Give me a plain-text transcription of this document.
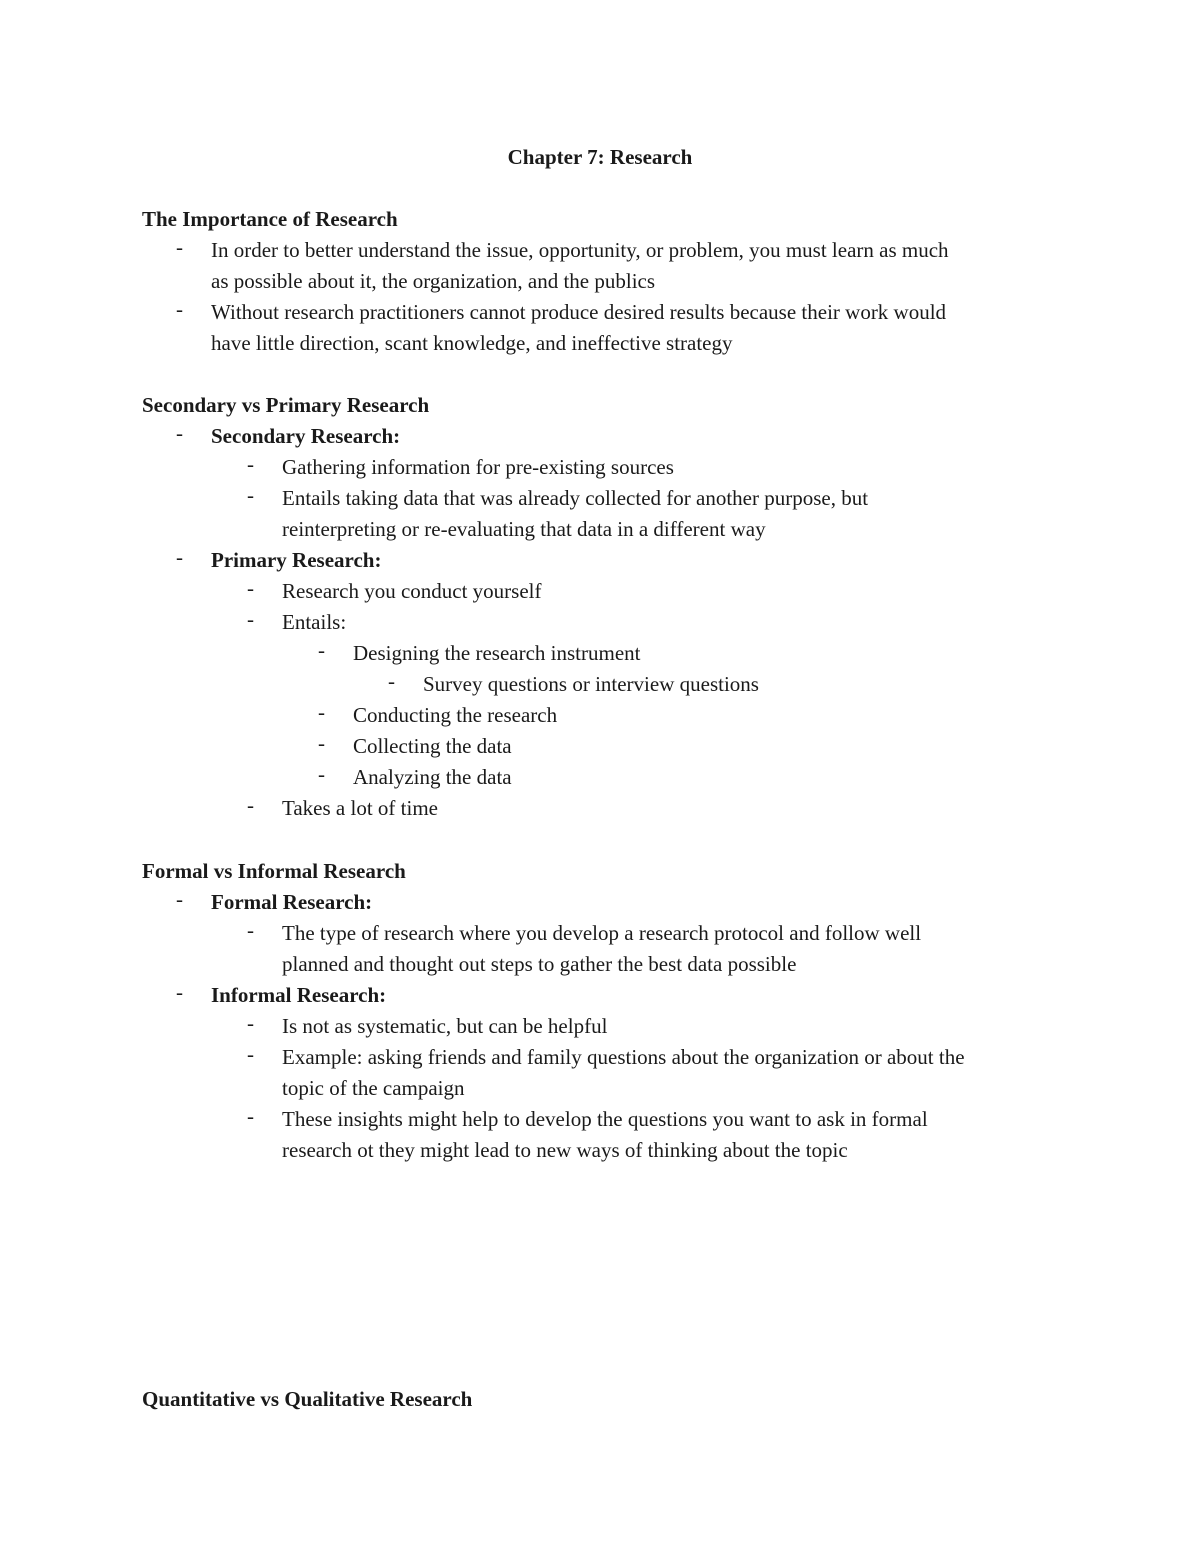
Chapter 7: Research
The Importance of Research
- In order to better understand the issue, opportunity, or problem, you must learn as much
as possible about it, the organization, and the publics
- Without research practitioners cannot produce desired results because their work would
have little direction, scant knowledge, and ineffective strategy
Secondary vs Primary Research
- Secondary Research:
- Gathering information for pre-existing sources
- Entails taking data that was already collected for another purpose, but
reinterpreting or re-evaluating that data in a different way
- Primary Research:
- Research you conduct yourself
- Entails:
- Designing the research instrument
- Survey questions or interview questions
- Conducting the research
- Collecting the data
- Analyzing the data
- Takes a lot of time
Formal vs Informal Research
- Formal Research:
- The type of research where you develop a research protocol and follow well
planned and thought out steps to gather the best data possible
- Informal Research:
- Is not as systematic, but can be helpful
- Example: asking friends and family questions about the organization or about the
topic of the campaign
- These insights might help to develop the questions you want to ask in formal
research ot they might lead to new ways of thinking about the topic
Quantitative vs Qualitative Research
